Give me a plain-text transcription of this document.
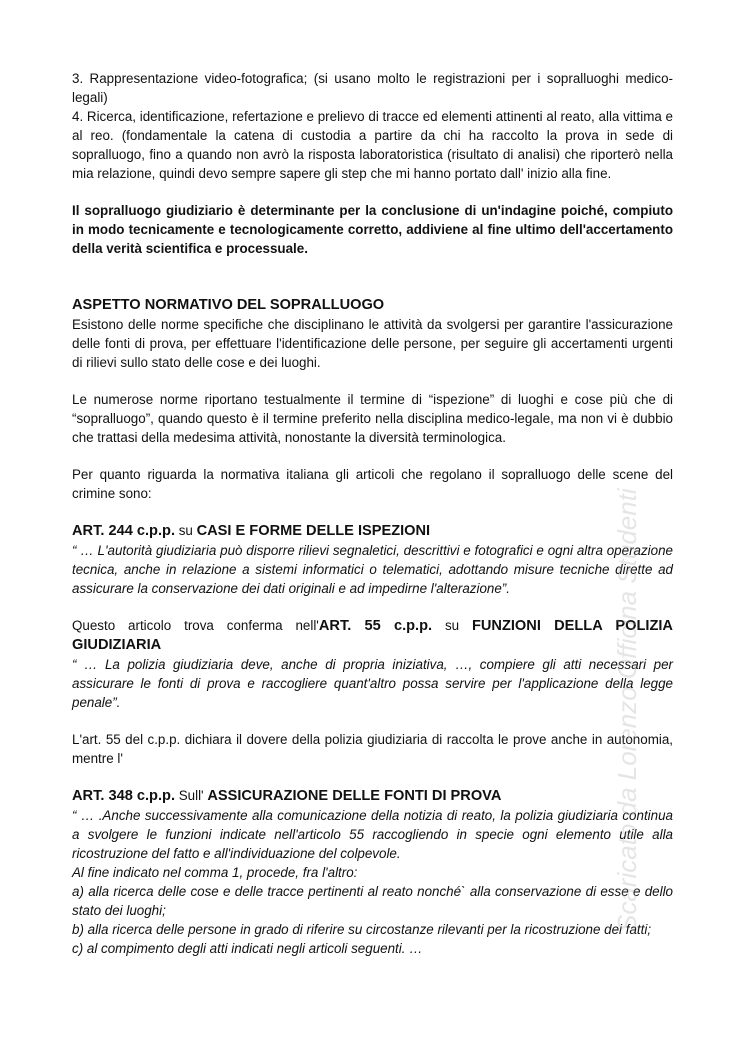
3. Rappresentazione video-fotografica; (si usano molto le registrazioni per i sopralluoghi medico-legali)

4. Ricerca, identificazione, refertazione e prelievo di tracce ed elementi attinenti al reato, alla vittima e al reo. (fondamentale la catena di custodia a partire da chi ha raccolto la prova in sede di sopralluogo, fino a quando non avrò la risposta laboratoristica (risultato di analisi) che riporterò nella mia relazione, quindi devo sempre sapere gli step che mi hanno portato dall' inizio alla fine.

Il sopralluogo giudiziario è determinante per la conclusione di un'indagine poiché, compiuto in modo tecnicamente e tecnologicamente corretto, addiviene al fine ultimo dell'accertamento della verità scientifica e processuale.

ASPETTO NORMATIVO DEL SOPRALLUOGO

Esistono delle norme specifiche che disciplinano le attività da svolgersi per garantire l'assicurazione delle fonti di prova, per effettuare l'identificazione delle persone, per seguire gli accertamenti urgenti di rilievi sullo stato delle cose e dei luoghi.

Le numerose norme riportano testualmente il termine di “ispezione” di luoghi e cose più che di “sopralluogo”, quando questo è il termine preferito nella disciplina medico-legale, ma non vi è dubbio che trattasi della medesima attività, nonostante la diversità terminologica.

Per quanto riguarda la normativa italiana gli articoli che regolano il sopralluogo delle scene del crimine sono:

ART. 244 c.p.p. su CASI E FORME DELLE ISPEZIONI

“ … L'autorità giudiziaria può disporre rilievi segnaletici, descrittivi e fotografici e ogni altra operazione tecnica, anche in relazione a sistemi informatici o telematici, adottando misure tecniche dirette ad assicurare la conservazione dei dati originali e ad impedirne l'alterazione”.

Questo articolo trova conferma nell'ART. 55 c.p.p. su FUNZIONI DELLA POLIZIA GIUDIZIARIA

“ … La polizia giudiziaria deve, anche di propria iniziativa, …, compiere gli atti necessari per assicurare le fonti di prova e raccogliere quant'altro possa servire per l'applicazione della legge penale”.

L'art. 55 del c.p.p. dichiara il dovere della polizia giudiziaria di raccolta le prove anche in autonomia, mentre l'

ART. 348 c.p.p. Sull' ASSICURAZIONE DELLE FONTI DI PROVA

“ … .Anche successivamente alla comunicazione della notizia di reato, la polizia giudiziaria continua a svolgere le funzioni indicate nell'articolo 55 raccogliendo in specie ogni elemento utile alla ricostruzione del fatto e all'individuazione del colpevole.

Al fine indicato nel comma 1, procede, fra l'altro:

a) alla ricerca delle cose e delle tracce pertinenti al reato nonché` alla conservazione di esse e dello stato dei luoghi;

b) alla ricerca delle persone in grado di riferire su circostanze rilevanti per la ricostruzione dei fatti;

c) al compimento degli atti indicati negli articoli seguenti. …

Scaricato da Lorenzo Officina Studenti
